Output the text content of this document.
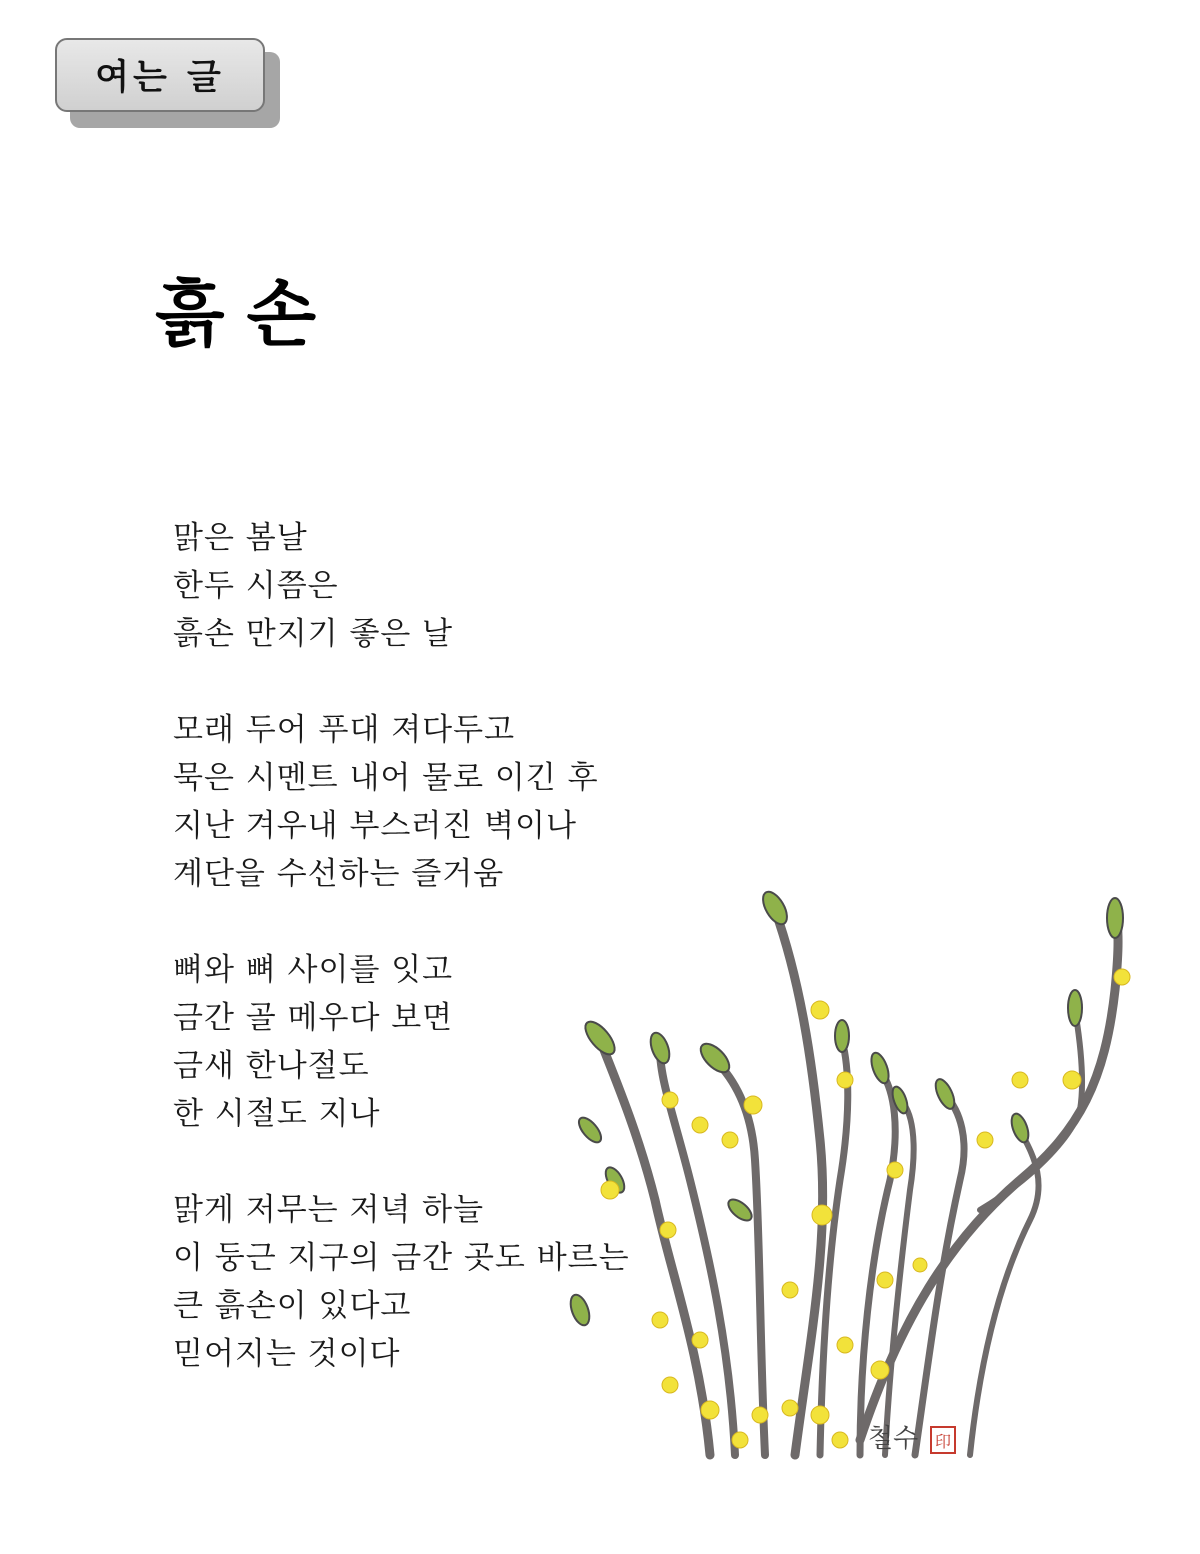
여는 글
흙손
맑은 봄날
한두 시쯤은
흙손 만지기 좋은 날
모래 두어 푸대 져다두고
묵은 시멘트 내어 물로 이긴 후
지난 겨우내 부스러진 벽이나
계단을 수선하는 즐거움
뼈와 뼈 사이를 잇고
금간 골 메우다 보면
금새 한나절도
한 시절도 지나
맑게 저무는 저녁 하늘
이 둥근 지구의 금간 곳도 바르는
큰 흙손이 있다고
믿어지는 것이다
철수	印
